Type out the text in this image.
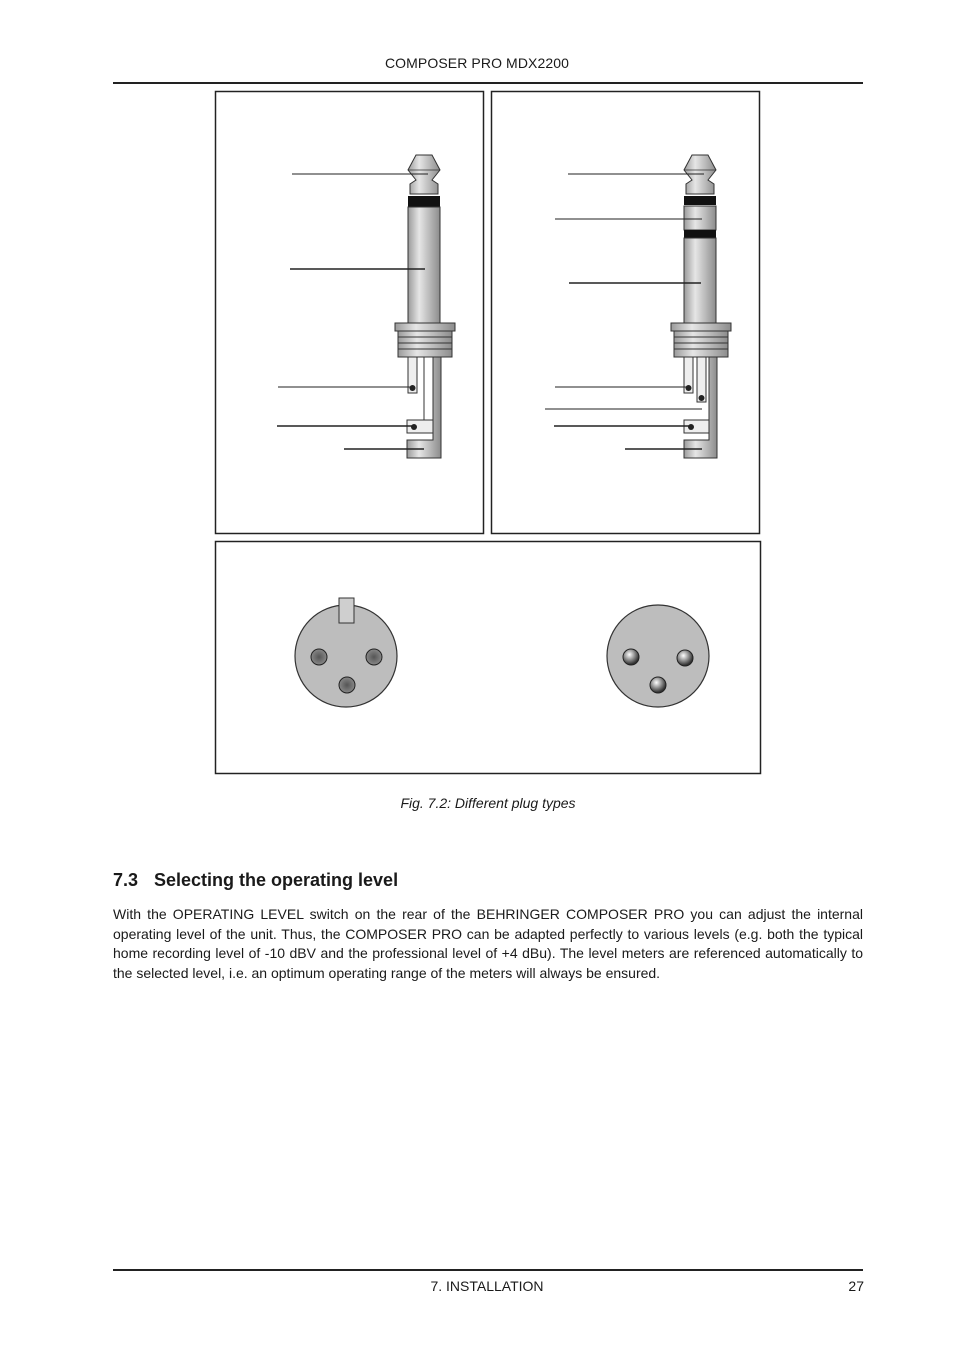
COMPOSER PRO MDX2200
Fig. 7.2: Different plug types
7.3 Selecting the operating level
With the OPERATING LEVEL switch on the rear of the BEHRINGER COMPOSER PRO you can adjust the internal operating level of the unit. Thus, the COMPOSER PRO can be adapted perfectly to various levels (e.g. both the typical home recording level of -10 dBV and the professional level of +4 dBu). The level meters are referenced automatically to the selected level, i.e. an optimum operating range of the meters will always be ensured.
7. INSTALLATION	27
